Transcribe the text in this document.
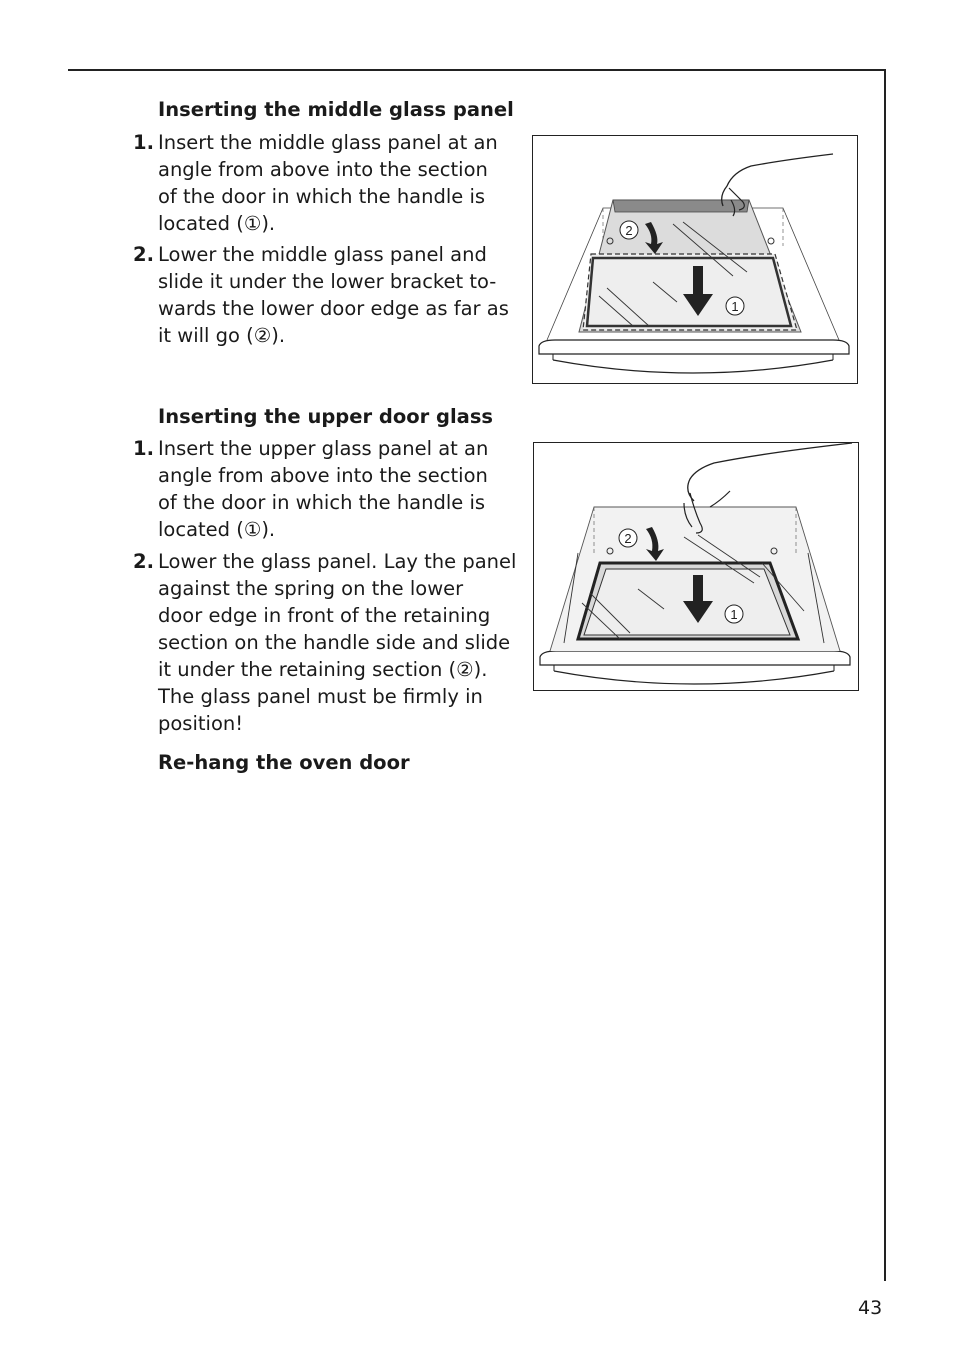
Inserting the middle glass panel
1. Insert the middle glass panel at an
angle from above into the section
of the door in which the handle is
located (①).
2. Lower the middle glass panel and
slide it under the lower bracket to-
wards the lower door edge as far as
it will go (②).
2
1
Inserting the upper door glass
1. Insert the upper glass panel at an
angle from above into the section
of the door in which the handle is
located (①).
2. Lower the glass panel. Lay the panel
against the spring on the lower
door edge in front of the retaining
section on the handle side and slide
it under the retaining section (②).
The glass panel must be firmly in
position!
2
1
Re-hang the oven door
43
